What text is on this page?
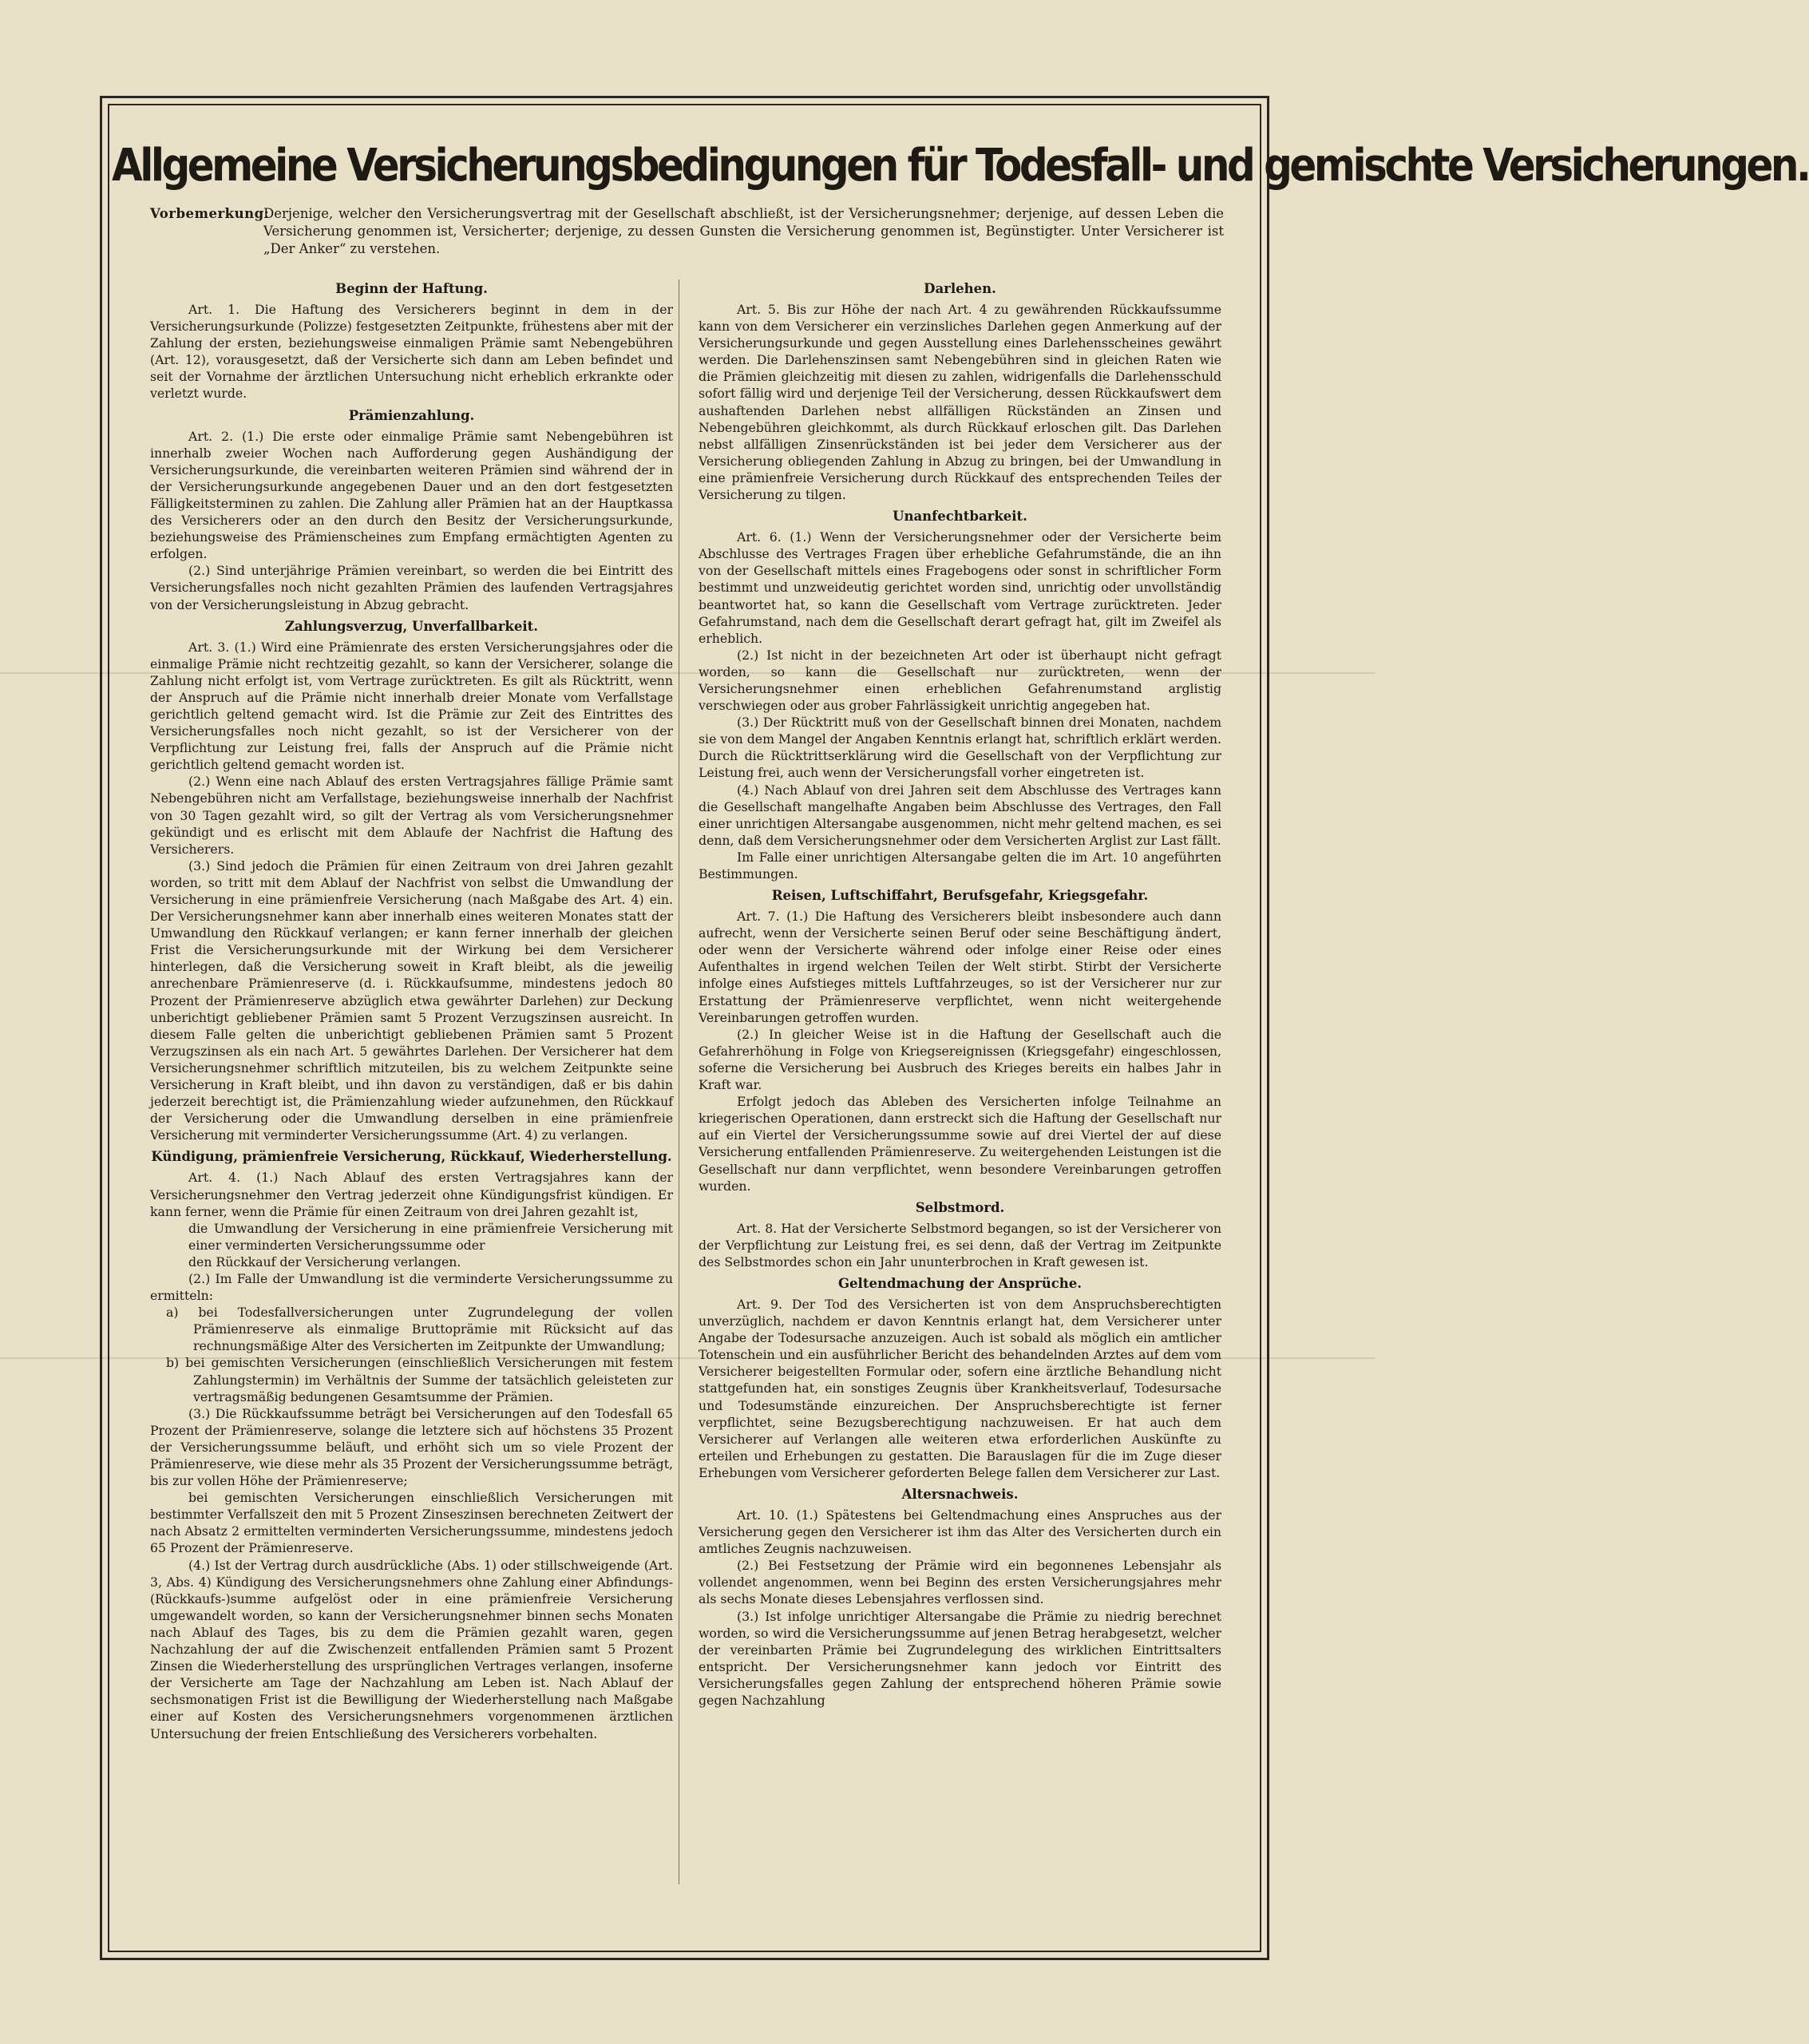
Allgemeine Versicherungsbedingungen für Todesfall- und gemischte Versicherungen.
Vorbemerkung:
Derjenige, welcher den Versicherungsvertrag mit der Gesellschaft abschließt, ist der Versicherungsnehmer; derjenige, auf dessen Leben die Versicherung genommen ist, Versicherter; derjenige, zu dessen Gunsten die Versicherung genommen ist, Begünstigter. Unter Versicherer ist „Der Anker“ zu verstehen.
Beginn der Haftung.

Art. 1. Die Haftung des Versicherers beginnt in dem in der Versicherungsurkunde (Polizze) festgesetzten Zeitpunkte, frühestens aber mit der Zahlung der ersten, beziehungsweise einmaligen Prämie samt Nebengebühren (Art. 12), vorausgesetzt, daß der Versicherte sich dann am Leben befindet und seit der Vornahme der ärztlichen Untersuchung nicht erheblich erkrankte oder verletzt wurde.

Prämienzahlung.

Art. 2. (1.) Die erste oder einmalige Prämie samt Nebengebühren ist innerhalb zweier Wochen nach Aufforderung gegen Aushändigung der Versicherungsurkunde, die vereinbarten weiteren Prämien sind während der in der Versicherungsurkunde angegebenen Dauer und an den dort festgesetzten Fälligkeitsterminen zu zahlen. Die Zahlung aller Prämien hat an der Hauptkassa des Versicherers oder an den durch den Besitz der Versicherungsurkunde, beziehungsweise des Prämienscheines zum Empfang ermächtigten Agenten zu erfolgen.

(2.) Sind unterjährige Prämien vereinbart, so werden die bei Eintritt des Versicherungsfalles noch nicht gezahlten Prämien des laufenden Vertragsjahres von der Versicherungsleistung in Abzug gebracht.

Zahlungsverzug, Unverfallbarkeit.

Art. 3. (1.) Wird eine Prämienrate des ersten Versicherungsjahres oder die einmalige Prämie nicht rechtzeitig gezahlt, so kann der Versicherer, solange die Zahlung nicht erfolgt ist, vom Vertrage zurücktreten. Es gilt als Rücktritt, wenn der Anspruch auf die Prämie nicht innerhalb dreier Monate vom Verfallstage gerichtlich geltend gemacht wird. Ist die Prämie zur Zeit des Eintrittes des Versicherungsfalles noch nicht gezahlt, so ist der Versicherer von der Verpflichtung zur Leistung frei, falls der Anspruch auf die Prämie nicht gerichtlich geltend gemacht worden ist.

(2.) Wenn eine nach Ablauf des ersten Vertragsjahres fällige Prämie samt Nebengebühren nicht am Verfallstage, beziehungsweise innerhalb der Nachfrist von 30 Tagen gezahlt wird, so gilt der Vertrag als vom Versicherungsnehmer gekündigt und es erlischt mit dem Ablaufe der Nachfrist die Haftung des Versicherers.

(3.) Sind jedoch die Prämien für einen Zeitraum von drei Jahren gezahlt worden, so tritt mit dem Ablauf der Nachfrist von selbst die Umwandlung der Versicherung in eine prämienfreie Versicherung (nach Maßgabe des Art. 4) ein. Der Versicherungsnehmer kann aber innerhalb eines weiteren Monates statt der Umwandlung den Rückkauf verlangen; er kann ferner innerhalb der gleichen Frist die Versicherungsurkunde mit der Wirkung bei dem Versicherer hinterlegen, daß die Versicherung soweit in Kraft bleibt, als die jeweilig anrechenbare Prämienreserve (d. i. Rückkaufsumme, mindestens jedoch 80 Prozent der Prämienreserve abzüglich etwa gewährter Darlehen) zur Deckung unberichtigt gebliebener Prämien samt 5 Prozent Verzugszinsen ausreicht. In diesem Falle gelten die unberichtigt gebliebenen Prämien samt 5 Prozent Verzugszinsen als ein nach Art. 5 gewährtes Darlehen. Der Versicherer hat dem Versicherungsnehmer schriftlich mitzuteilen, bis zu welchem Zeitpunkte seine Versicherung in Kraft bleibt, und ihn davon zu verständigen, daß er bis dahin jederzeit berechtigt ist, die Prämienzahlung wieder aufzunehmen, den Rückkauf der Versicherung oder die Umwandlung derselben in eine prämienfreie Versicherung mit verminderter Versicherungssumme (Art. 4) zu verlangen.

Kündigung, prämienfreie Versicherung, Rückkauf, Wiederherstellung.

Art. 4. (1.) Nach Ablauf des ersten Vertragsjahres kann der Versicherungsnehmer den Vertrag jederzeit ohne Kündigungsfrist kündigen. Er kann ferner, wenn die Prämie für einen Zeitraum von drei Jahren gezahlt ist,

die Umwandlung der Versicherung in eine prämienfreie Versicherung mit einer verminderten Versicherungssumme oder

den Rückkauf der Versicherung verlangen.

(2.) Im Falle der Umwandlung ist die verminderte Versicherungssumme zu ermitteln:

a) bei Todesfallversicherungen unter Zugrundelegung der vollen Prämienreserve als einmalige Bruttoprämie mit Rücksicht auf das rechnungsmäßige Alter des Versicherten im Zeitpunkte der Umwandlung;
b) bei gemischten Versicherungen (einschließlich Versicherungen mit festem Zahlungstermin) im Verhältnis der Summe der tatsächlich geleisteten zur vertragsmäßig bedungenen Gesamtsumme der Prämien.

(3.) Die Rückkaufssumme beträgt bei Versicherungen auf den Todesfall 65 Prozent der Prämienreserve, solange die letztere sich auf höchstens 35 Prozent der Versicherungssumme beläuft, und erhöht sich um so viele Prozent der Prämienreserve, wie diese mehr als 35 Prozent der Versicherungssumme beträgt, bis zur vollen Höhe der Prämienreserve;

bei gemischten Versicherungen einschließlich Versicherungen mit bestimmter Verfallszeit den mit 5 Prozent Zinseszinsen berechneten Zeitwert der nach Absatz 2 ermittelten verminderten Versicherungssumme, mindestens jedoch 65 Prozent der Prämienreserve.

(4.) Ist der Vertrag durch ausdrückliche (Abs. 1) oder stillschweigende (Art. 3, Abs. 4) Kündigung des Versicherungsnehmers ohne Zahlung einer Abfindungs-(Rückkaufs-)summe aufgelöst oder in eine prämienfreie Versicherung umgewandelt worden, so kann der Versicherungsnehmer binnen sechs Monaten nach Ablauf des Tages, bis zu dem die Prämien gezahlt waren, gegen Nachzahlung der auf die Zwischenzeit entfallenden Prämien samt 5 Prozent Zinsen die Wiederherstellung des ursprünglichen Vertrages verlangen, insoferne der Versicherte am Tage der Nachzahlung am Leben ist. Nach Ablauf der sechsmonatigen Frist ist die Bewilligung der Wiederherstellung nach Maßgabe einer auf Kosten des Versicherungsnehmers vorgenommenen ärztlichen Untersuchung der freien Entschließung des Versicherers vorbehalten.

Darlehen.

Art. 5. Bis zur Höhe der nach Art. 4 zu gewährenden Rückkaufssumme kann von dem Versicherer ein verzinsliches Darlehen gegen Anmerkung auf der Versicherungsurkunde und gegen Ausstellung eines Darlehensscheines gewährt werden. Die Darlehenszinsen samt Nebengebühren sind in gleichen Raten wie die Prämien gleichzeitig mit diesen zu zahlen, widrigenfalls die Darlehensschuld sofort fällig wird und derjenige Teil der Versicherung, dessen Rückkaufswert dem aushaftenden Darlehen nebst allfälligen Rückständen an Zinsen und Nebengebühren gleichkommt, als durch Rückkauf erloschen gilt. Das Darlehen nebst allfälligen Zinsenrückständen ist bei jeder dem Versicherer aus der Versicherung obliegenden Zahlung in Abzug zu bringen, bei der Umwandlung in eine prämienfreie Versicherung durch Rückkauf des entsprechenden Teiles der Versicherung zu tilgen.

Unanfechtbarkeit.

Art. 6. (1.) Wenn der Versicherungsnehmer oder der Versicherte beim Abschlusse des Vertrages Fragen über erhebliche Gefahrumstände, die an ihn von der Gesellschaft mittels eines Fragebogens oder sonst in schriftlicher Form bestimmt und unzweideutig gerichtet worden sind, unrichtig oder unvollständig beantwortet hat, so kann die Gesellschaft vom Vertrage zurücktreten. Jeder Gefahrumstand, nach dem die Gesellschaft derart gefragt hat, gilt im Zweifel als erheblich.

(2.) Ist nicht in der bezeichneten Art oder ist überhaupt nicht gefragt worden, so kann die Gesellschaft nur zurücktreten, wenn der Versicherungsnehmer einen erheblichen Gefahrenumstand arglistig verschwiegen oder aus grober Fahrlässigkeit unrichtig angegeben hat.

(3.) Der Rücktritt muß von der Gesellschaft binnen drei Monaten, nachdem sie von dem Mangel der Angaben Kenntnis erlangt hat, schriftlich erklärt werden. Durch die Rücktrittserklärung wird die Gesellschaft von der Verpflichtung zur Leistung frei, auch wenn der Versicherungsfall vorher eingetreten ist.

(4.) Nach Ablauf von drei Jahren seit dem Abschlusse des Vertrages kann die Gesellschaft mangelhafte Angaben beim Abschlusse des Vertrages, den Fall einer unrichtigen Altersangabe ausgenommen, nicht mehr geltend machen, es sei denn, daß dem Versicherungsnehmer oder dem Versicherten Arglist zur Last fällt.

Im Falle einer unrichtigen Altersangabe gelten die im Art. 10 angeführten Bestimmungen.

Reisen, Luftschiffahrt, Berufsgefahr, Kriegsgefahr.

Art. 7. (1.) Die Haftung des Versicherers bleibt insbesondere auch dann aufrecht, wenn der Versicherte seinen Beruf oder seine Beschäftigung ändert, oder wenn der Versicherte während oder infolge einer Reise oder eines Aufenthaltes in irgend welchen Teilen der Welt stirbt. Stirbt der Versicherte infolge eines Aufstieges mittels Luftfahrzeuges, so ist der Versicherer nur zur Erstattung der Prämienreserve verpflichtet, wenn nicht weitergehende Vereinbarungen getroffen wurden.

(2.) In gleicher Weise ist in die Haftung der Gesellschaft auch die Gefahrerhöhung in Folge von Kriegsereignissen (Kriegsgefahr) eingeschlossen, soferne die Versicherung bei Ausbruch des Krieges bereits ein halbes Jahr in Kraft war.

Erfolgt jedoch das Ableben des Versicherten infolge Teilnahme an kriegerischen Operationen, dann erstreckt sich die Haftung der Gesellschaft nur auf ein Viertel der Versicherungssumme sowie auf drei Viertel der auf diese Versicherung entfallenden Prämienreserve. Zu weitergehenden Leistungen ist die Gesellschaft nur dann verpflichtet, wenn besondere Vereinbarungen getroffen wurden.

Selbstmord.

Art. 8. Hat der Versicherte Selbstmord begangen, so ist der Versicherer von der Verpflichtung zur Leistung frei, es sei denn, daß der Vertrag im Zeitpunkte des Selbstmordes schon ein Jahr ununterbrochen in Kraft gewesen ist.

Geltendmachung der Ansprüche.

Art. 9. Der Tod des Versicherten ist von dem Anspruchsberechtigten unverzüglich, nachdem er davon Kenntnis erlangt hat, dem Versicherer unter Angabe der Todesursache anzuzeigen. Auch ist sobald als möglich ein amtlicher Totenschein und ein ausführlicher Bericht des behandelnden Arztes auf dem vom Versicherer beigestellten Formular oder, sofern eine ärztliche Behandlung nicht stattgefunden hat, ein sonstiges Zeugnis über Krankheitsverlauf, Todesursache und Todesumstände einzureichen. Der Anspruchsberechtigte ist ferner verpflichtet, seine Bezugsberechtigung nachzuweisen. Er hat auch dem Versicherer auf Verlangen alle weiteren etwa erforderlichen Auskünfte zu erteilen und Erhebungen zu gestatten. Die Barauslagen für die im Zuge dieser Erhebungen vom Versicherer geforderten Belege fallen dem Versicherer zur Last.

Altersnachweis.

Art. 10. (1.) Spätestens bei Geltendmachung eines Anspruches aus der Versicherung gegen den Versicherer ist ihm das Alter des Versicherten durch ein amtliches Zeugnis nachzuweisen.

(2.) Bei Festsetzung der Prämie wird ein begonnenes Lebensjahr als vollendet angenommen, wenn bei Beginn des ersten Versicherungsjahres mehr als sechs Monate dieses Lebensjahres verflossen sind.

(3.) Ist infolge unrichtiger Altersangabe die Prämie zu niedrig berechnet worden, so wird die Versicherungssumme auf jenen Betrag herabgesetzt, welcher der vereinbarten Prämie bei Zugrundelegung des wirklichen Eintrittsalters entspricht. Der Versicherungsnehmer kann jedoch vor Eintritt des Versicherungsfalles gegen Zahlung der entsprechend höheren Prämie sowie gegen Nachzahlung
